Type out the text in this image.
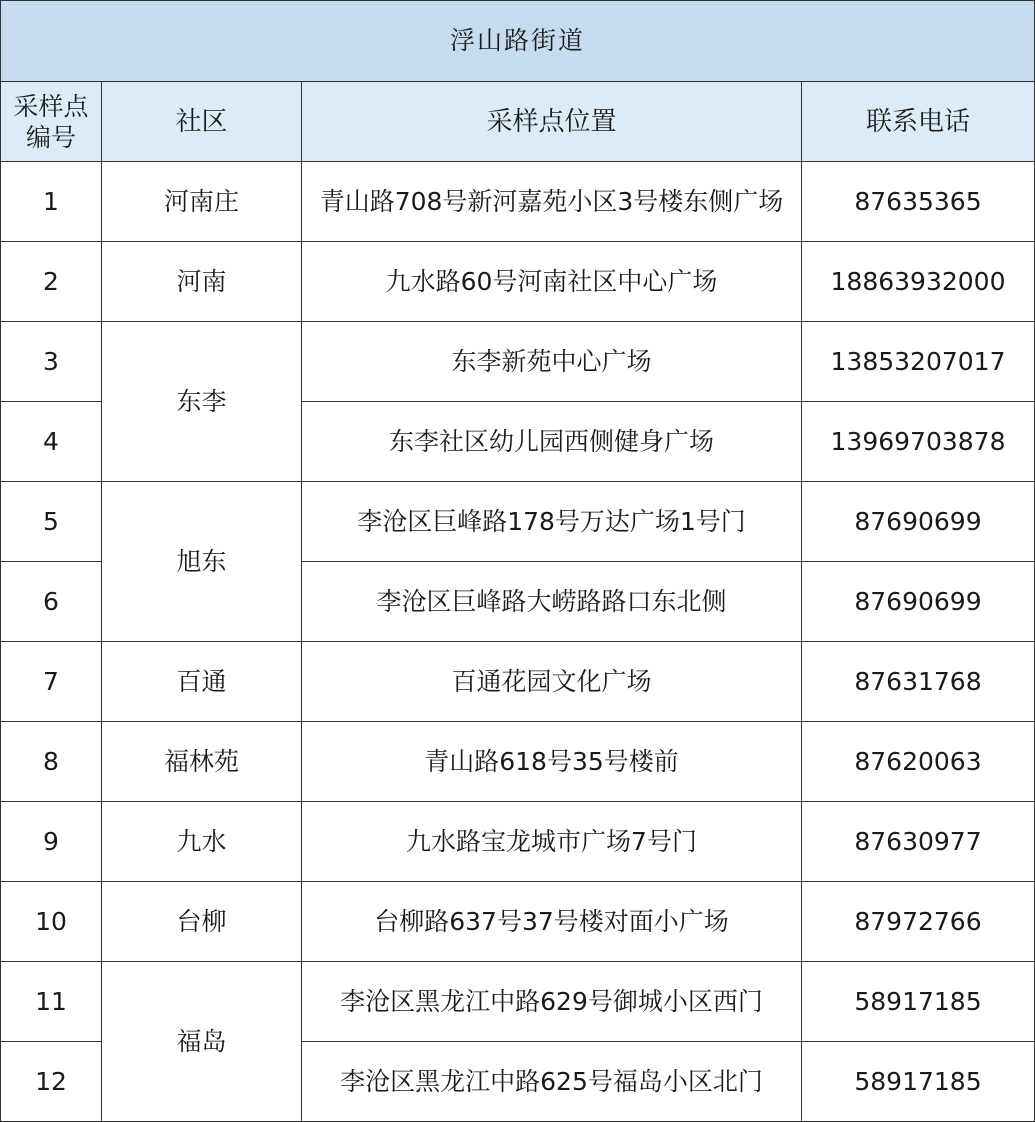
浮山路街道			
采样点编号	社区	采样点位置	联系电话
1	河南庄	青山路708号新河嘉苑小区3号楼东侧广场	87635365
2	河南	九水路60号河南社区中心广场	18863932000
3	东李	东李新苑中心广场	13853207017
4		东李社区幼儿园西侧健身广场	13969703878
5	旭东	李沧区巨峰路178号万达广场1号门	87690699
6		李沧区巨峰路大崂路路口东北侧	87690699
7	百通	百通花园文化广场	87631768
8	福林苑	青山路618号35号楼前	87620063
9	九水	九水路宝龙城市广场7号门	87630977
10	台柳	台柳路637号37号楼对面小广场	87972766
11	福岛	李沧区黑龙江中路629号御城小区西门	58917185
12		李沧区黑龙江中路625号福岛小区北门	58917185
